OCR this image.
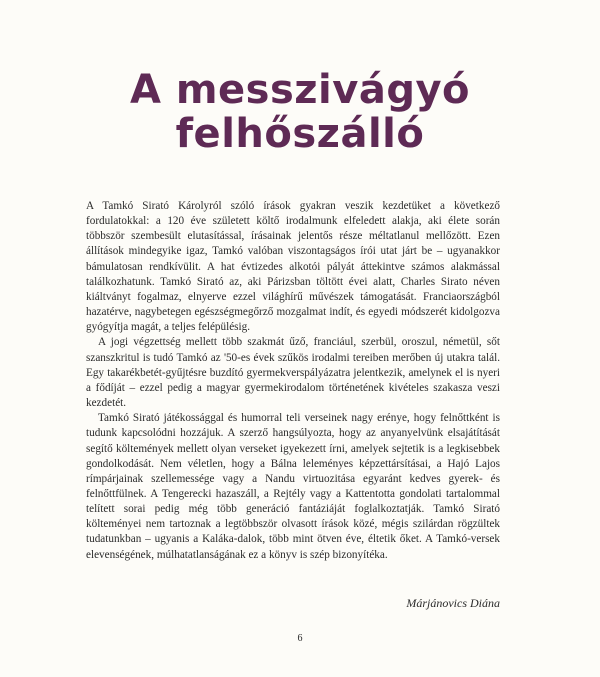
A messzivágyó
felhőszálló

A Tamkó Sirató Károlyról szóló írások gyakran veszik kezdetüket a következő fordulatokkal: a 120 éve született költő irodalmunk elfeledett alakja, aki élete során többször szembesült elutasítással, írásainak jelentős része méltatlanul mellőzött. Ezen állítások mindegyike igaz, Tamkó valóban viszontagságos írói utat járt be – ugyanakkor bámulatosan rendkívülit. A hat évtizedes alkotói pályát áttekintve számos alakmással találkozhatunk. Tamkó Sirató az, aki Párizsban töltött évei alatt, Charles Sirato néven kiáltványt fogalmaz, elnyerve ezzel világhírű művészek támogatását. Franciaországból hazatérve, nagybetegen egészségmegőrző mozgalmat indít, és egyedi módszerét kidolgozva gyógyítja magát, a teljes felépülésig.

A jogi végzettség mellett több szakmát űző, franciául, szerbül, oroszul, németül, sőt szanszkritul is tudó Tamkó az '50-es évek szűkös irodalmi tereiben merőben új utakra talál. Egy takarékbetét-gyűjtésre buzdító gyermekverspályázatra jelentkezik, amelynek el is nyeri a fődíját – ezzel pedig a magyar gyermekirodalom történetének kivételes szakasza veszi kezdetét.

Tamkó Sirató játékossággal és humorral teli verseinek nagy erénye, hogy felnőttként is tudunk kapcsolódni hozzájuk. A szerző hangsúlyozta, hogy az anyanyelvünk elsajátítását segítő költemények mellett olyan verseket igyekezett írni, amelyek sejtetik is a legkisebbek gondolkodását. Nem véletlen, hogy a Bálna leleményes képzettársításai, a Hajó Lajos rímpárjainak szellemessége vagy a Nandu virtuozitása egyaránt kedves gyerek- és felnőttfülnek. A Tengerecki hazaszáll, a Rejtély vagy a Kattentotta gondolati tartalommal telített sorai pedig még több generáció fantáziáját foglalkoztatják. Tamkó Sirató költeményei nem tartoznak a legtöbbször olvasott írások közé, mégis szilárdan rögzültek tudatunkban – ugyanis a Kaláka-dalok, több mint ötven éve, éltetik őket. A Tamkó-versek elevenségének, múlhatatlanságának ez a könyv is szép bizonyítéka.

Márjánovics Diána
6
